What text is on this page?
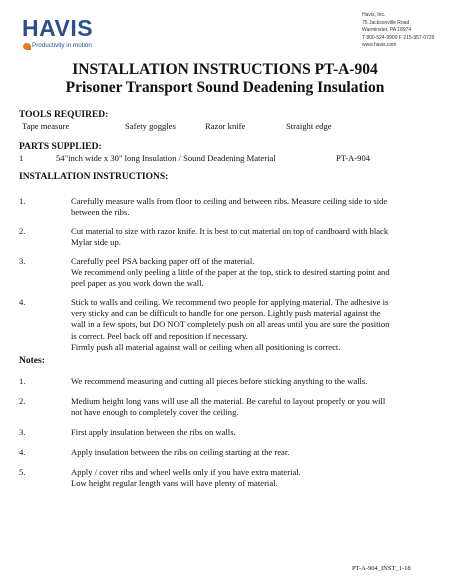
HAVIS
Productivity in motion
Havis, Inc.
75 Jacksonville Road
Warminster, PA 18974
T 800-524-9900 F 215-957-0729
www.havis.com
INSTALLATION INSTRUCTIONS PT-A-904
Prisoner Transport Sound Deadening Insulation
TOOLS REQUIRED:
Tape measure	Safety goggles	Razor knife	Straight edge
PARTS SUPPLIED:
1	54"inch wide x 30" long Insulation / Sound Deadening Material	PT-A-904
INSTALLATION INSTRUCTIONS:
1.	Carefully measure walls from floor to ceiling and between ribs. Measure ceiling side to side
between the ribs.
2.	Cut material to size with razor knife. It is best to cut material on top of cardboard with black
Mylar side up.
3.	Carefully peel PSA backing paper off of the material.
We recommend only peeling a little of the paper at the top, stick to desired starting point and
peel paper as you work down the wall.
4.	Stick to walls and ceiling. We recommend two people for applying material. The adhesive is
very sticky and can be difficult to handle for one person. Lightly push material against the
wall in a few spots, but DO NOT completely push on all areas until you are sure the position
is correct. Peel back off and reposition if necessary.
Firmly push all material against wall or ceiling when all positioning is correct.
Notes:
1.	We recommend measuring and cutting all pieces before sticking anything to the walls.
2.	Medium height long vans will use all the material. Be careful to layout properly or you will
not have enough to completely cover the ceiling.
3.	First apply insulation between the ribs on walls.
4.	Apply insulation between the ribs on ceiling starting at the rear.
5.	Apply / cover ribs and wheel wells only if you have extra material.
Low height regular length vans will have plenty of material.
PT-A-904_INST_1-18
